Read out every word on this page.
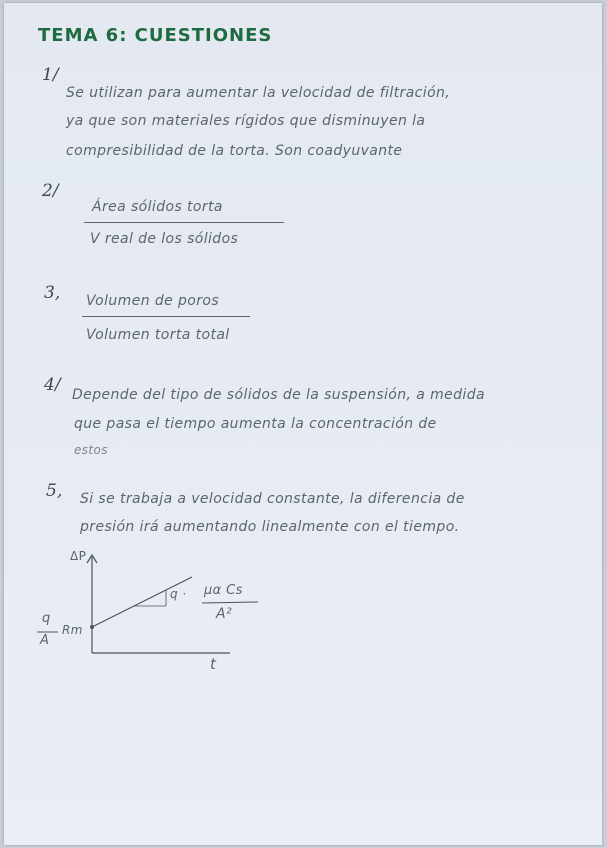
TEMA 6: CUESTIONES
1/
Se utilizan para aumentar la velocidad de filtración,
ya que son materiales rígidos que disminuyen la
compresibilidad de la torta. Son coadyuvante
2/
Área sólidos torta
V real de los sólidos
3, Volumen de poros
Volumen torta total
4/ Depende del tipo de sólidos de la suspensión, a medida
que pasa el tiempo aumenta la concentración de
estos
5, Si se trabaja a velocidad constante, la diferencia de
presión irá aumentando linealmente con el tiempo.
ΔP
t
q
A
Rm
q · μα Cs
A²
